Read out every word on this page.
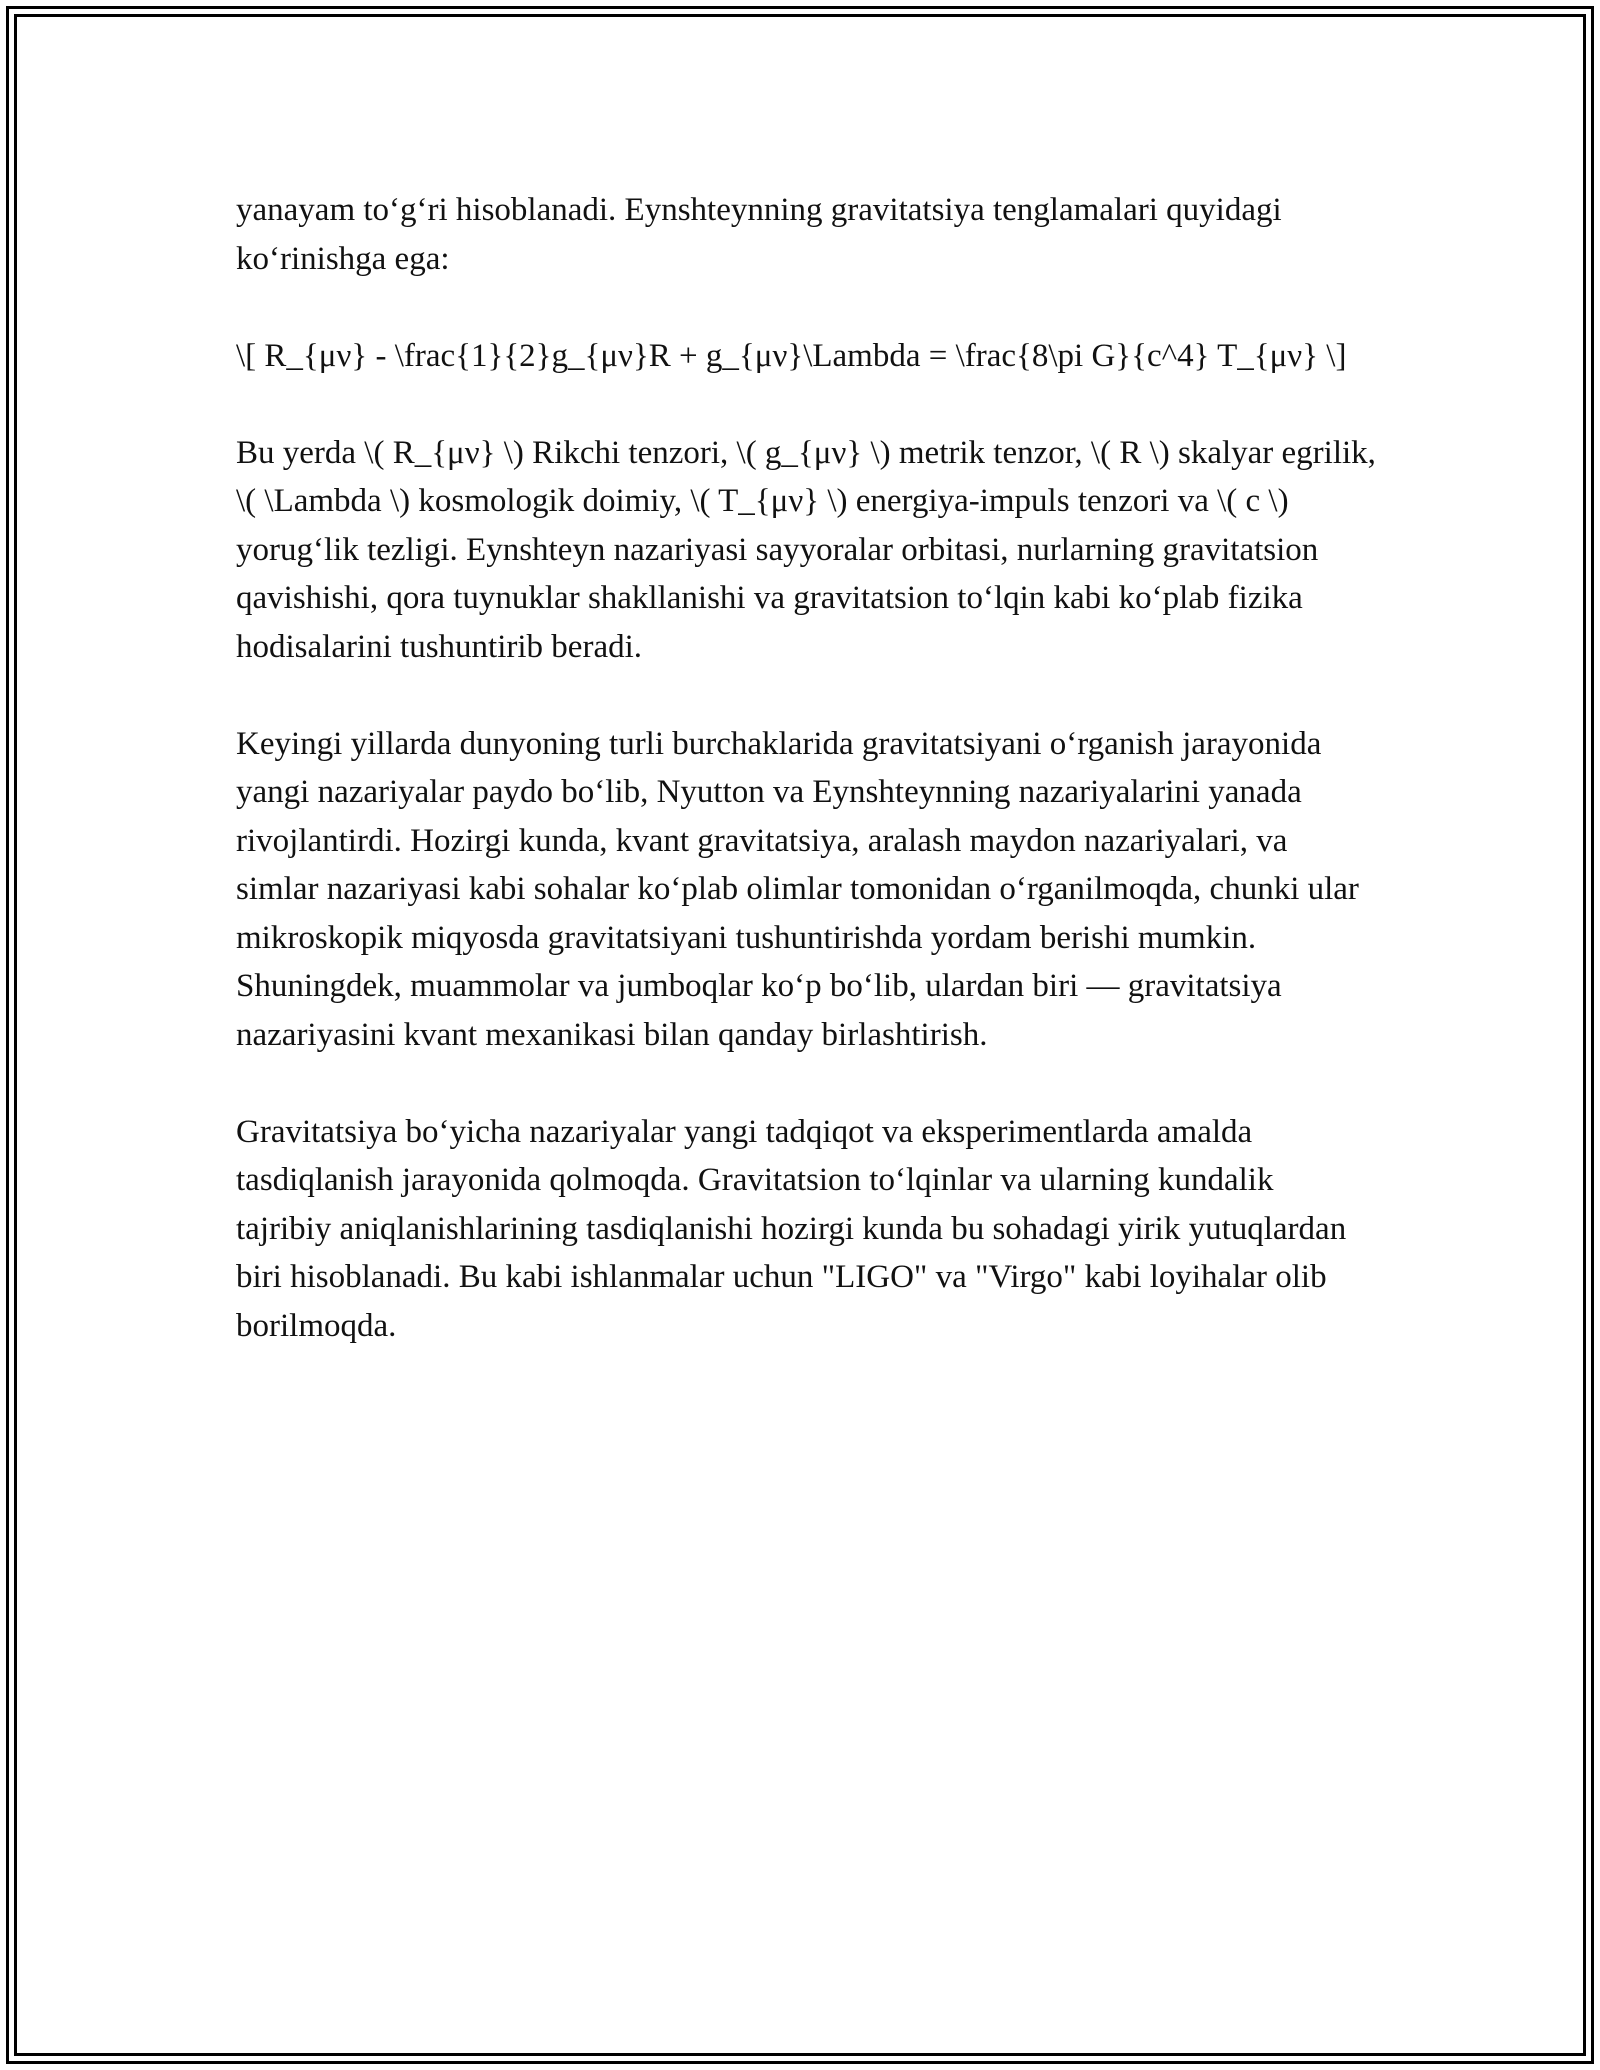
yanayam to‘g‘ri hisoblanadi. Eynshteynning gravitatsiya tenglamalari quyidagi ko‘rinishga ega:

\[ R_{μν} - \frac{1}{2}g_{μν}R + g_{μν}\Lambda = \frac{8\pi G}{c^4} T_{μν} \]

Bu yerda \( R_{μν} \) Rikchi tenzori, \( g_{μν} \) metrik tenzor, \( R \) skalyar egrilik, \( \Lambda \) kosmologik doimiy, \( T_{μν} \) energiya-impuls tenzori va \( c \) yorug‘lik tezligi. Eynshteyn nazariyasi sayyoralar orbitasi, nurlarning gravitatsion qavishishi, qora tuynuklar shakllanishi va gravitatsion to‘lqin kabi ko‘plab fizika hodisalarini tushuntirib beradi.

Keyingi yillarda dunyoning turli burchaklarida gravitatsiyani o‘rganish jarayonida yangi nazariyalar paydo bo‘lib, Nyutton va Eynshteynning nazariyalarini yanada rivojlantirdi. Hozirgi kunda, kvant gravitatsiya, aralash maydon nazariyalari, va simlar nazariyasi kabi sohalar ko‘plab olimlar tomonidan o‘rganilmoqda, chunki ular mikroskopik miqyosda gravitatsiyani tushuntirishda yordam berishi mumkin. Shuningdek, muammolar va jumboqlar ko‘p bo‘lib, ulardan biri — gravitatsiya nazariyasini kvant mexanikasi bilan qanday birlashtirish.

Gravitatsiya bo‘yicha nazariyalar yangi tadqiqot va eksperimentlarda amalda tasdiqlanish jarayonida qolmoqda. Gravitatsion to‘lqinlar va ularning kundalik tajribiy aniqlanishlarining tasdiqlanishi hozirgi kunda bu sohadagi yirik yutuqlardan biri hisoblanadi. Bu kabi ishlanmalar uchun "LIGO" va "Virgo" kabi loyihalar olib borilmoqda.
